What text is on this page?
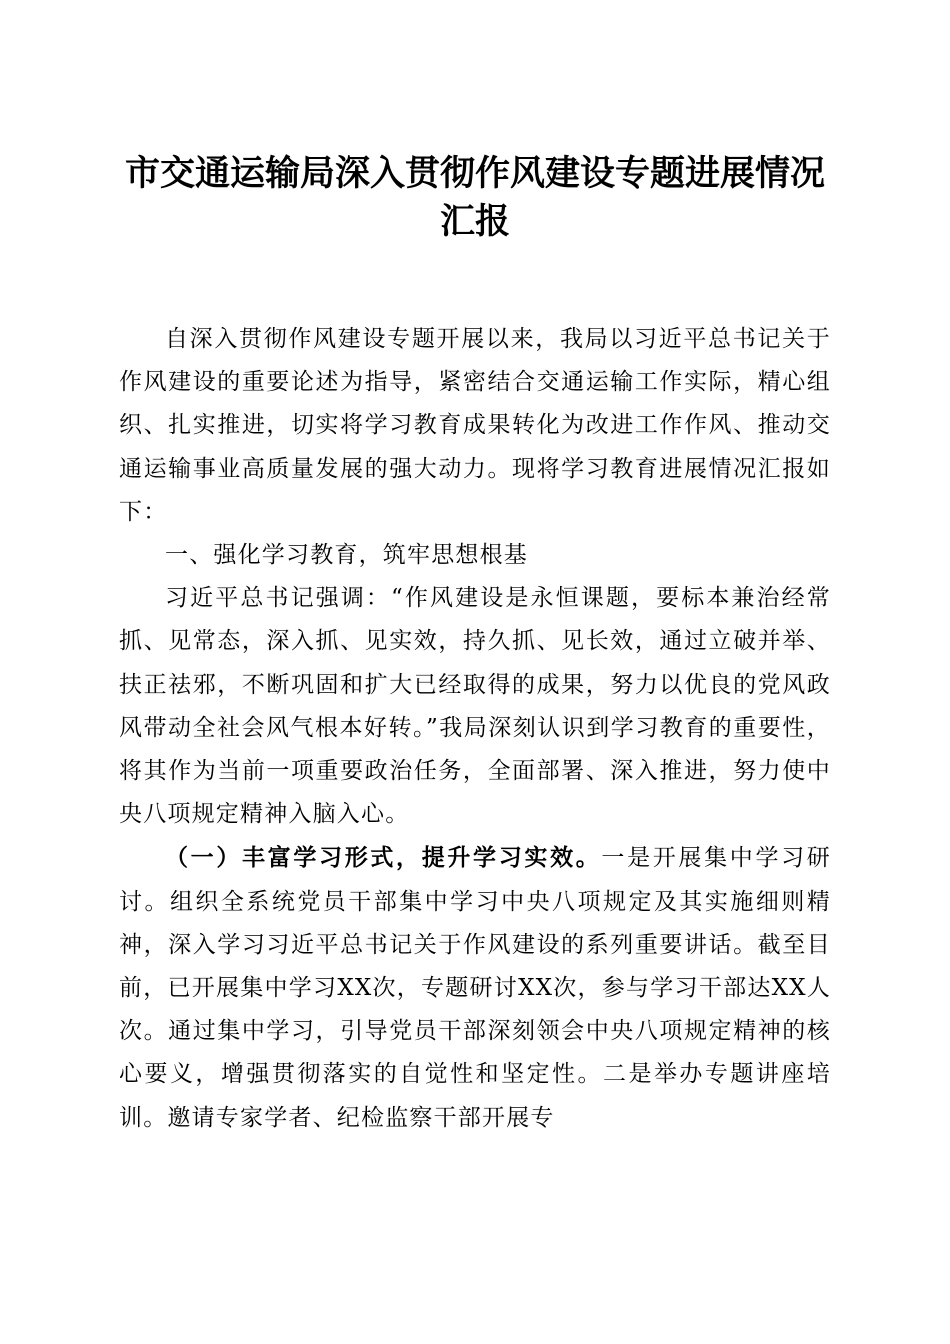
市交通运输局深入贯彻作风建设专题进展情况
汇报

自深入贯彻作风建设专题开展以来，我局以习近平总书记关于作风建设的重要论述为指导，紧密结合交通运输工作实际，精心组织、扎实推进，切实将学习教育成果转化为改进工作作风、推动交通运输事业高质量发展的强大动力。现将学习教育进展情况汇报如下：

一、强化学习教育，筑牢思想根基

习近平总书记强调：“作风建设是永恒课题，要标本兼治经常抓、见常态，深入抓、见实效，持久抓、见长效，通过立破并举、扶正祛邪，不断巩固和扩大已经取得的成果，努力以优良的党风政风带动全社会风气根本好转。”我局深刻认识到学习教育的重要性，将其作为当前一项重要政治任务，全面部署、深入推进，努力使中央八项规定精神入脑入心。

（一）丰富学习形式，提升学习实效。一是开展集中学习研讨。组织全系统党员干部集中学习中央八项规定及其实施细则精神，深入学习习近平总书记关于作风建设的系列重要讲话。截至目前，已开展集中学习XX次，专题研讨XX次，参与学习干部达XX人次。通过集中学习，引导党员干部深刻领会中央八项规定精神的核心要义，增强贯彻落实的自觉性和坚定性。二是举办专题讲座培训。邀请专家学者、纪检监察干部开展专
